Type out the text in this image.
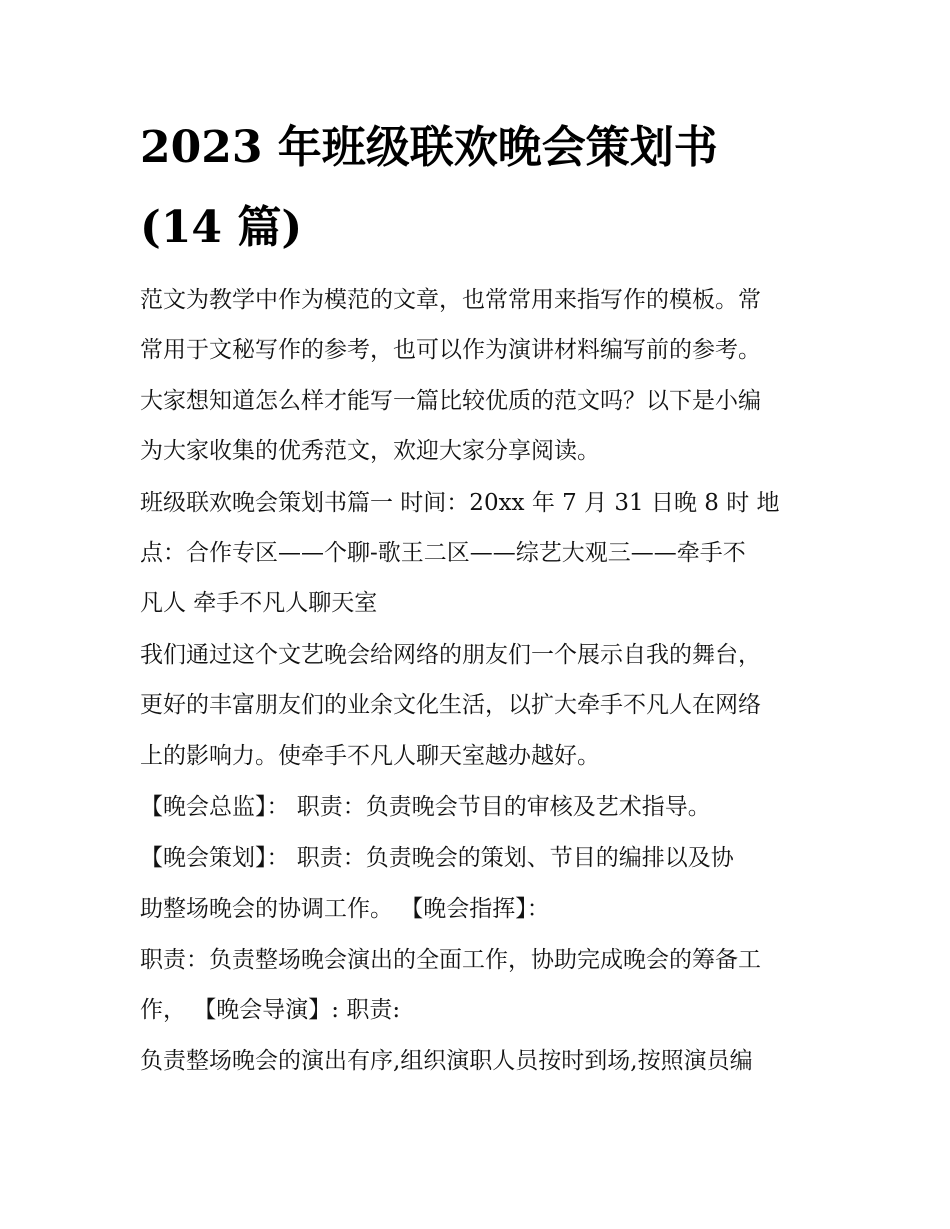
2023 年班级联欢晚会策划书
(14 篇)

范文为教学中作为模范的文章，也常常用来指写作的模板。常

常用于文秘写作的参考，也可以作为演讲材料编写前的参考。

大家想知道怎么样才能写一篇比较优质的范文吗？以下是小编

为大家收集的优秀范文，欢迎大家分享阅读。

班级联欢晚会策划书篇一 时间：20xx 年 7 月 31 日晚 8 时 地

点：合作专区——个聊-歌王二区——综艺大观三——牵手不

凡人 牵手不凡人聊天室

我们通过这个文艺晚会给网络的朋友们一个展示自我的舞台，

更好的丰富朋友们的业余文化生活，以扩大牵手不凡人在网络

上的影响力。使牵手不凡人聊天室越办越好。

【晚会总监】： 职责：负责晚会节目的审核及艺术指导。

【晚会策划】： 职责：负责晚会的策划、节目的编排以及协

助整场晚会的协调工作。 【晚会指挥】：

职责：负责整场晚会演出的全面工作，协助完成晚会的筹备工

作， 【晚会导演】: 职责:

负责整场晚会的演出有序,组织演职人员按时到场,按照演员编
